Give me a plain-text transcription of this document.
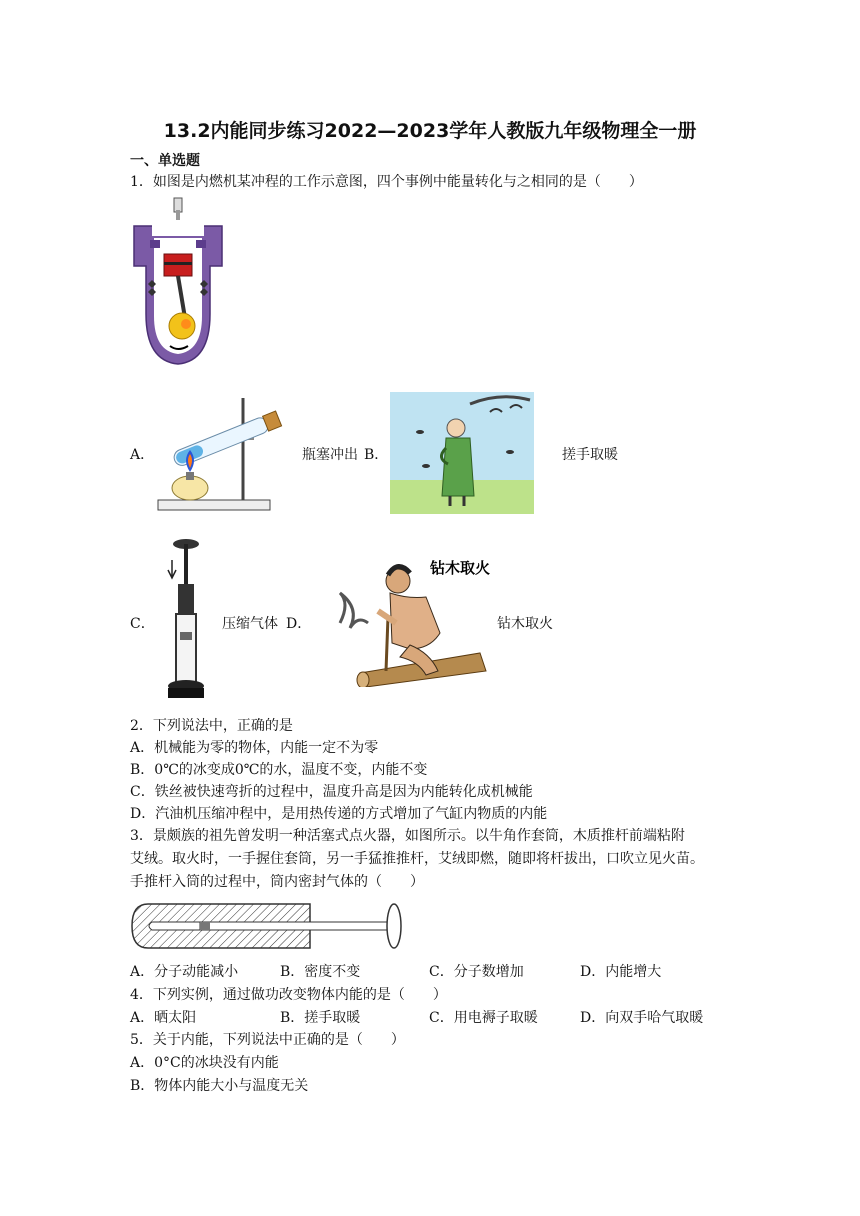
13.2内能同步练习2022—2023学年人教版九年级物理全一册
一、单选题
1．如图是内燃机某冲程的工作示意图，四个事例中能量转化与之相同的是（　　）
A．	瓶塞冲出 B．	搓手取暖
C．	压缩气体 D．
钻木取火
钻木取火
2．下列说法中，正确的是
A．机械能为零的物体，内能一定不为零
B．0℃的冰变成0℃的水，温度不变，内能不变
C．铁丝被快速弯折的过程中，温度升高是因为内能转化成机械能
D．汽油机压缩冲程中，是用热传递的方式增加了气缸内物质的内能
3．景颇族的祖先曾发明一种活塞式点火器，如图所示。以牛角作套筒，木质推杆前端粘附
艾绒。取火时，一手握住套筒，另一手猛推推杆，艾绒即燃，随即将杆拔出，口吹立见火苗。
手推杆入筒的过程中，筒内密封气体的（　　）
A．分子动能减小	B．密度不变	C．分子数增加	D．内能增大
4．下列实例，通过做功改变物体内能的是（　　）
A．晒太阳	B．搓手取暖	C．用电褥子取暖	D．向双手哈气取暖
5．关于内能，下列说法中正确的是（　　）
A．0°C的冰块没有内能
B．物体内能大小与温度无关
